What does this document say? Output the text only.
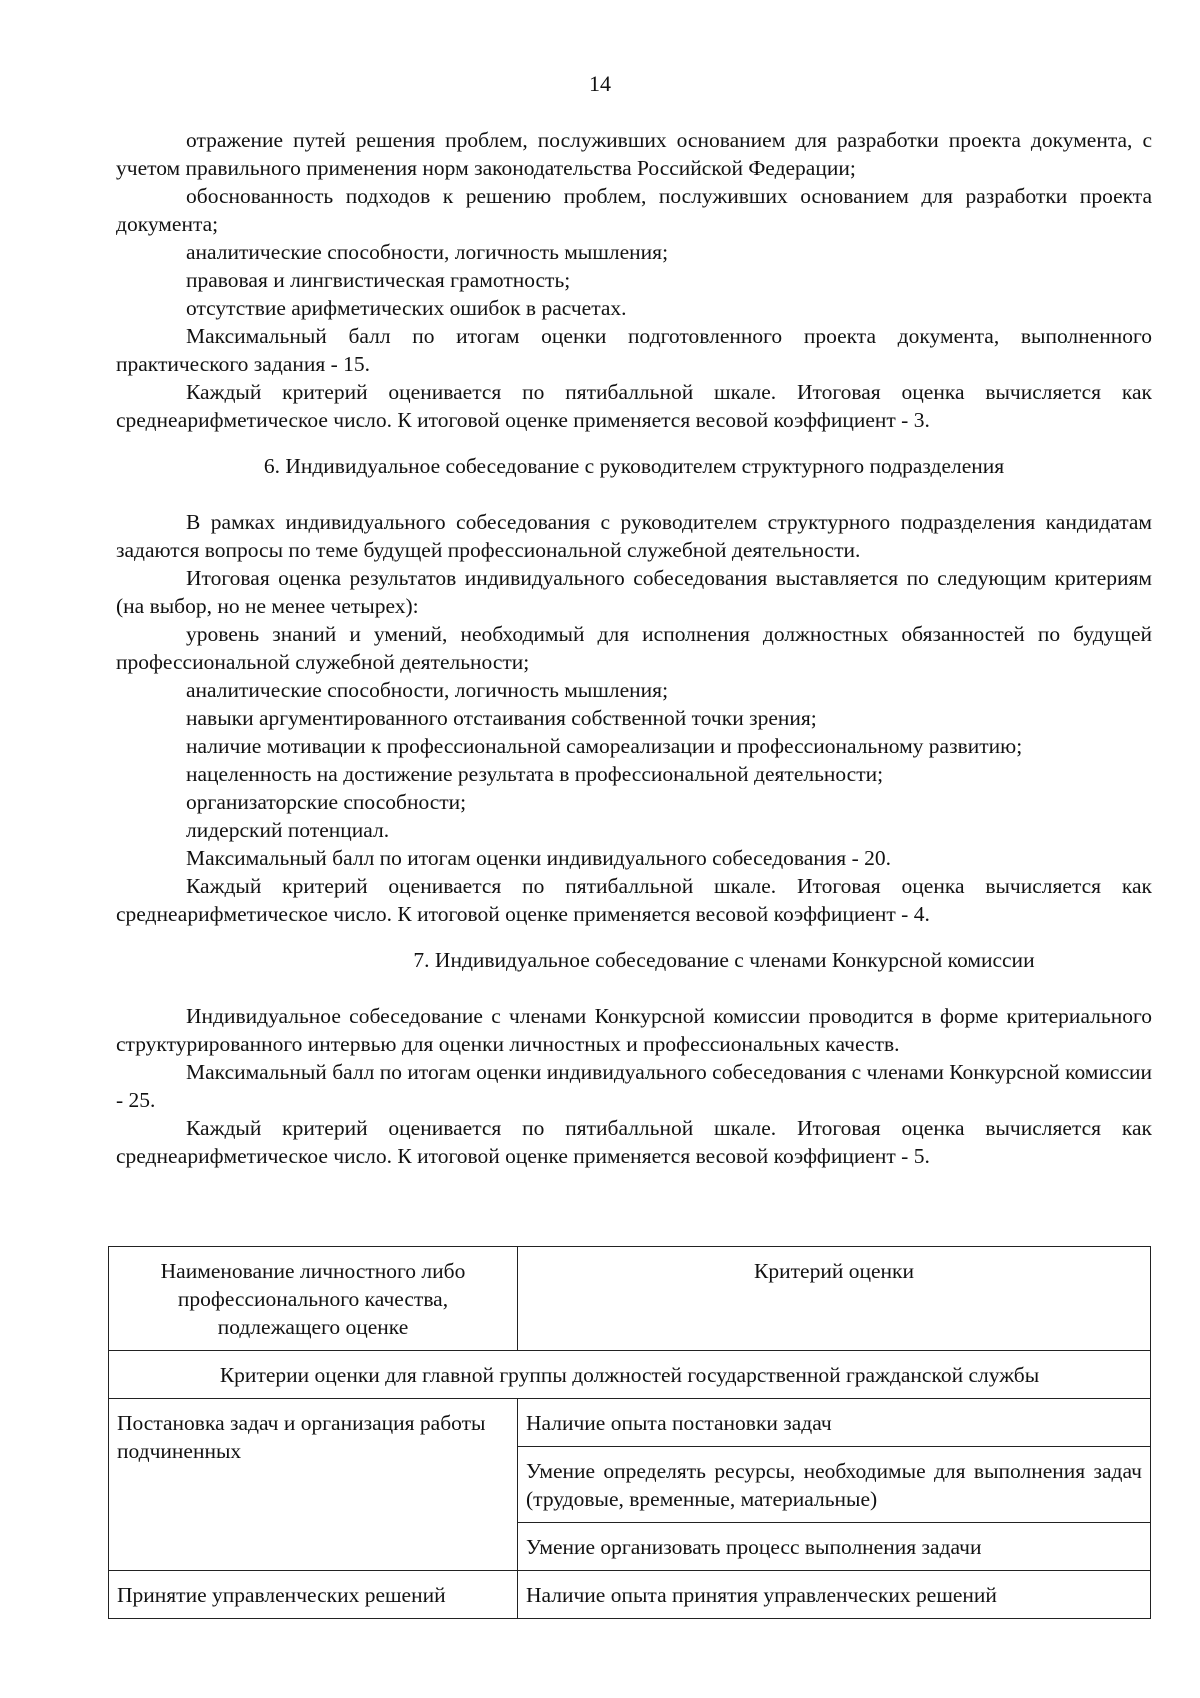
14

отражение путей решения проблем, послуживших основанием для разработки проекта документа, с учетом правильного применения норм законодательства Российской Федерации;

обоснованность подходов к решению проблем, послуживших основанием для разработки проекта документа;

аналитические способности, логичность мышления;

правовая и лингвистическая грамотность;

отсутствие арифметических ошибок в расчетах.

Максимальный балл по итогам оценки подготовленного проекта документа, выполненного практического задания - 15.

Каждый критерий оценивается по пятибалльной шкале. Итоговая оценка вычисляется как среднеарифметическое число. К итоговой оценке применяется весовой коэффициент - 3.

6. Индивидуальное собеседование с руководителем структурного подразделения

В рамках индивидуального собеседования с руководителем структурного подразделения кандидатам задаются вопросы по теме будущей профессиональной служебной деятельности.

Итоговая оценка результатов индивидуального собеседования выставляется по следующим критериям (на выбор, но не менее четырех):

уровень знаний и умений, необходимый для исполнения должностных обязанностей по будущей профессиональной служебной деятельности;

аналитические способности, логичность мышления;

навыки аргументированного отстаивания собственной точки зрения;

наличие мотивации к профессиональной самореализации и профессиональному развитию;

нацеленность на достижение результата в профессиональной деятельности;

организаторские способности;

лидерский потенциал.

Максимальный балл по итогам оценки индивидуального собеседования - 20.

Каждый критерий оценивается по пятибалльной шкале. Итоговая оценка вычисляется как среднеарифметическое число. К итоговой оценке применяется весовой коэффициент - 4.

7. Индивидуальное собеседование с членами Конкурсной комиссии

Индивидуальное собеседование с членами Конкурсной комиссии проводится в форме критериального структурированного интервью для оценки личностных и профессиональных качеств.

Максимальный балл по итогам оценки индивидуального собеседования с членами Конкурсной комиссии - 25.

Каждый критерий оценивается по пятибалльной шкале. Итоговая оценка вычисляется как среднеарифметическое число. К итоговой оценке применяется весовой коэффициент - 5.

Наименование личностного либо профессионального качества, подлежащего оценке	Критерий оценки
Критерии оценки для главной группы должностей государственной гражданской службы	
Постановка задач и организация работы подчиненных	Наличие опыта постановки задач
	Умение определять ресурсы, необходимые для выполнения задач (трудовые, временные, материальные)
	Умение организовать процесс выполнения задачи
Принятие управленческих решений	Наличие опыта принятия управленческих решений
